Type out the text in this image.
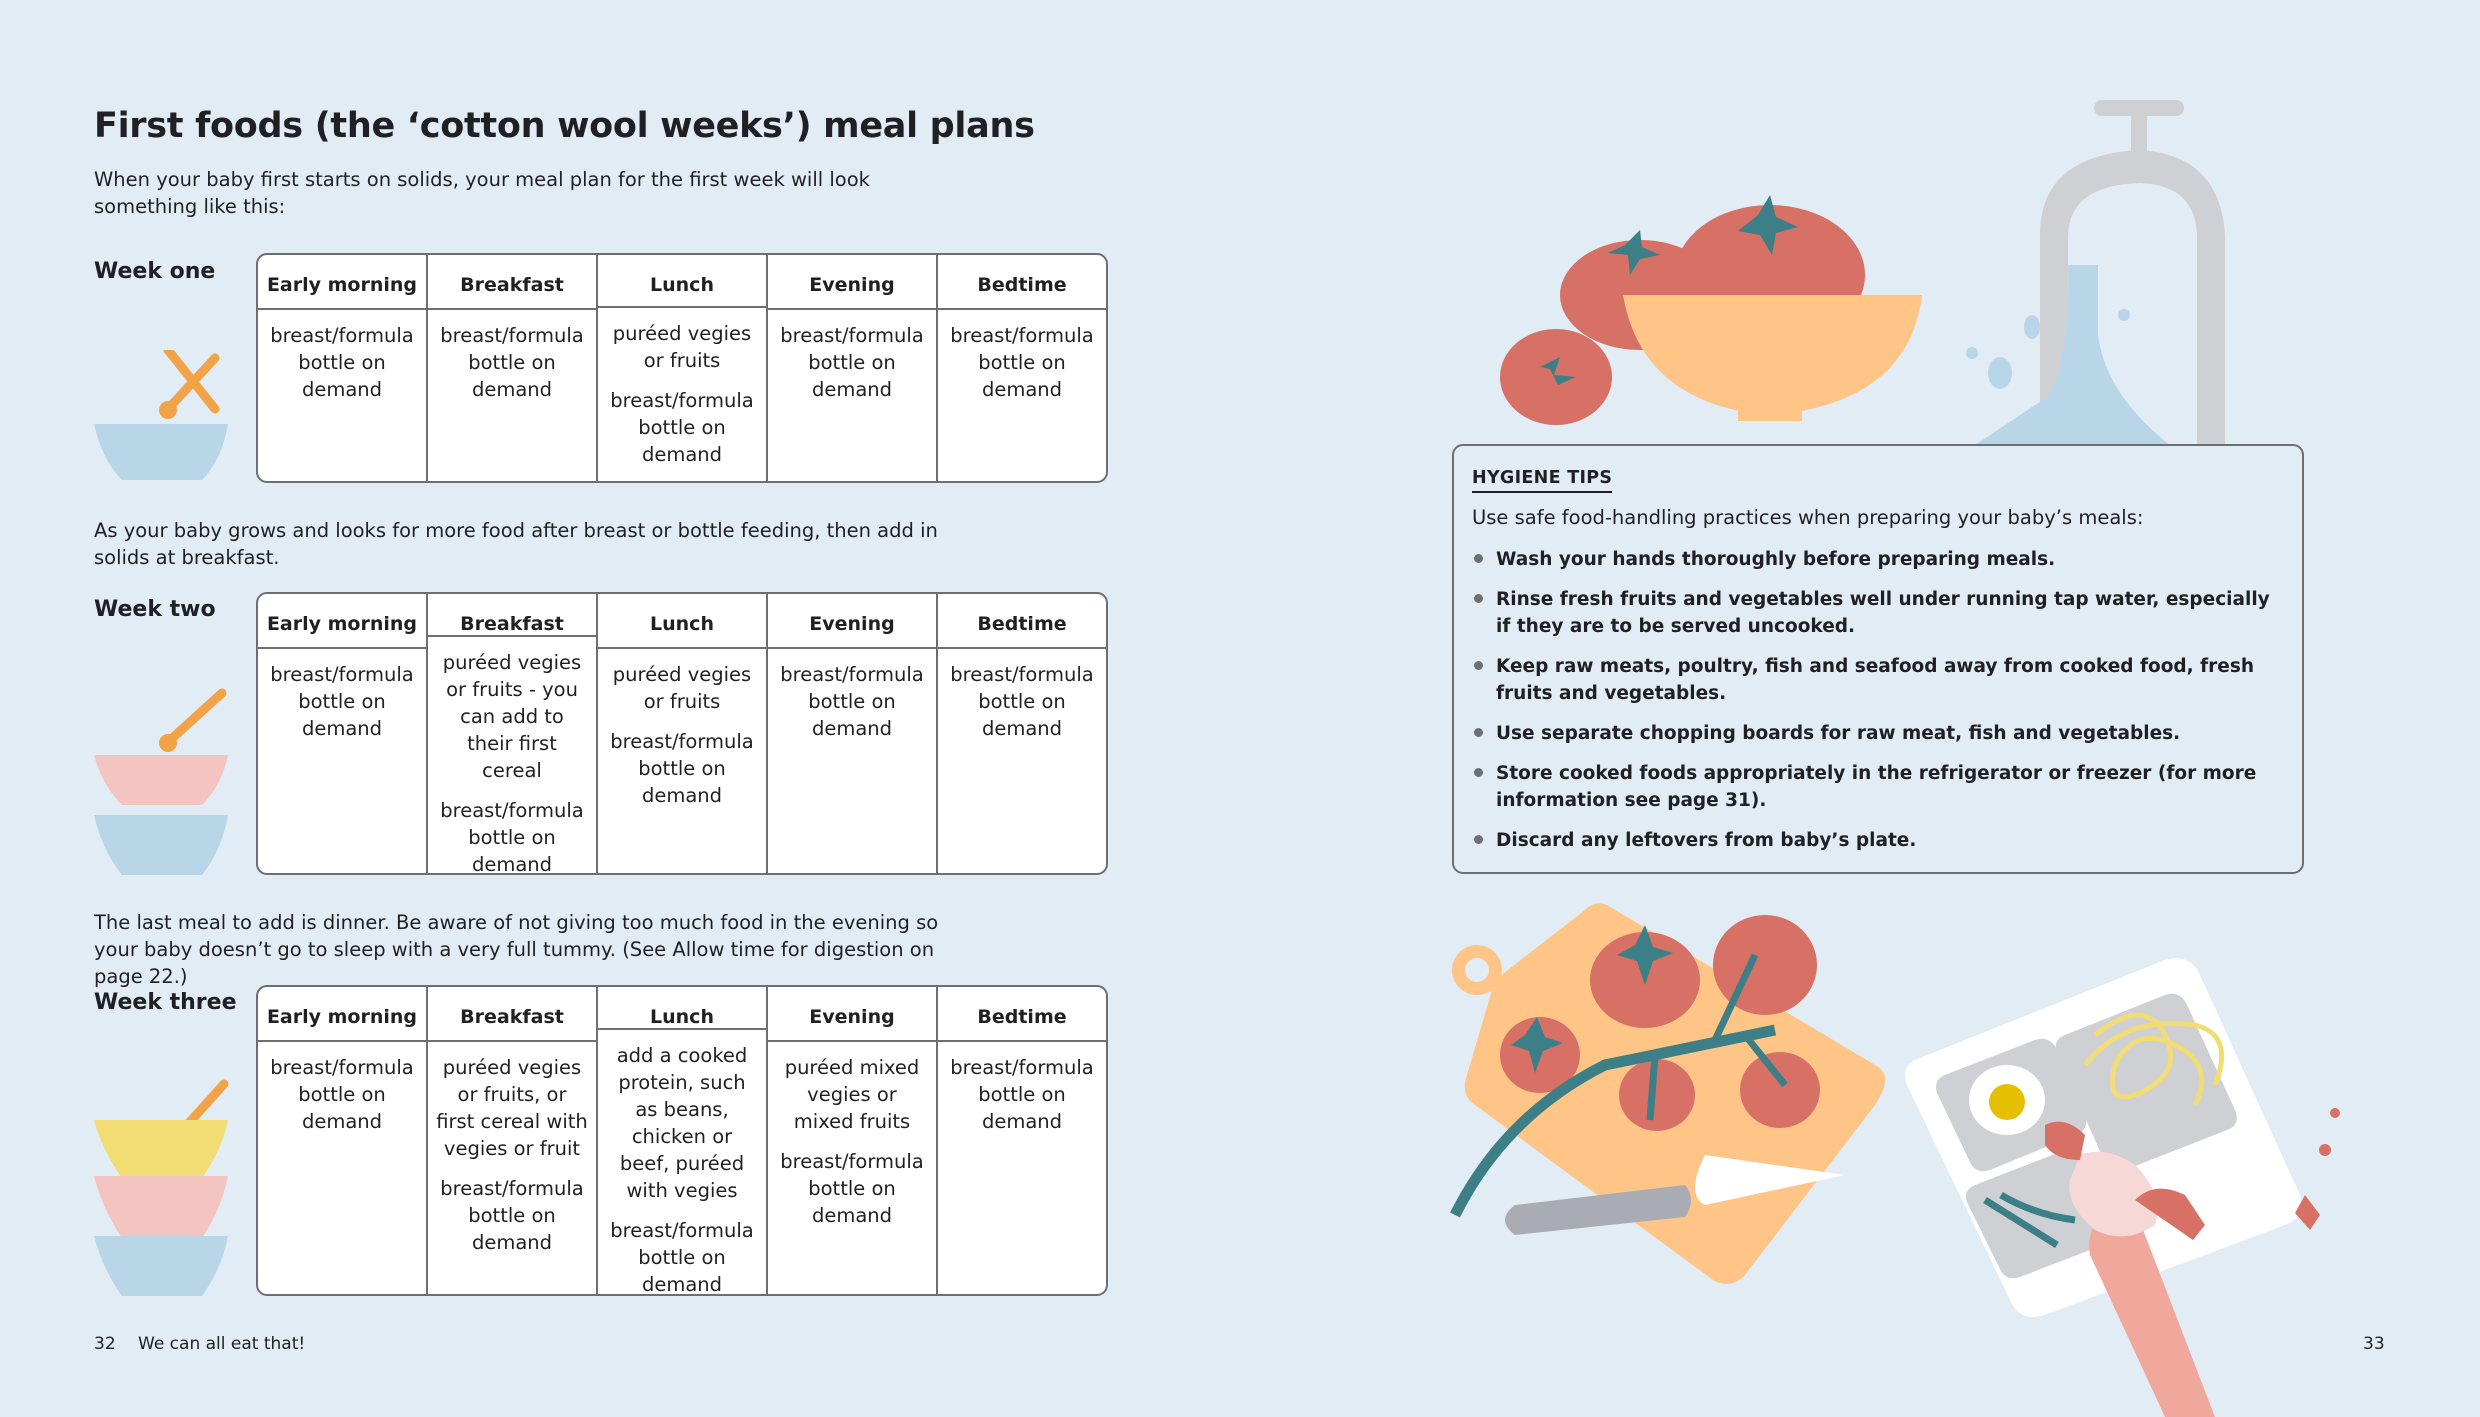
First foods (the ‘cotton wool weeks’) meal plans
When your baby first starts on solids, your meal plan for the first week will look something like this:
Week one
Early morning
breast/formula bottle on demand
Breakfast
breast/formula bottle on demand
Lunch
puréed vegies or fruits
breast/formula bottle on demand
Evening
breast/formula bottle on demand
Bedtime
breast/formula bottle on demand
As your baby grows and looks for more food after breast or bottle feeding, then add in solids at breakfast.
Week two
Early morning
breast/formula bottle on demand
Breakfast
puréed vegies or fruits - you can add to their first cereal
breast/formula bottle on demand
Lunch
puréed vegies or fruits
breast/formula bottle on demand
Evening
breast/formula bottle on demand
Bedtime
breast/formula bottle on demand
The last meal to add is dinner. Be aware of not giving too much food in the evening so your baby doesn’t go to sleep with a very full tummy. (See Allow time for digestion on page 22.)
Week three
Early morning
breast/formula bottle on demand
Breakfast
puréed vegies or fruits, or first cereal with vegies or fruit
breast/formula bottle on demand
Lunch
add a cooked protein, such as beans, chicken or beef, puréed with vegies
breast/formula bottle on demand
Evening
puréed mixed vegies or mixed fruits
breast/formula bottle on demand
Bedtime
breast/formula bottle on demand
32 We can all eat that!	33
HYGIENE TIPS
Use safe food-handling practices when preparing your baby’s meals:
Wash your hands thoroughly before preparing meals.
Rinse fresh fruits and vegetables well under running tap water, especially if they are to be served uncooked.
Keep raw meats, poultry, fish and seafood away from cooked food, fresh fruits and vegetables.
Use separate chopping boards for raw meat, fish and vegetables.
Store cooked foods appropriately in the refrigerator or freezer (for more information see page 31).
Discard any leftovers from baby’s plate.
